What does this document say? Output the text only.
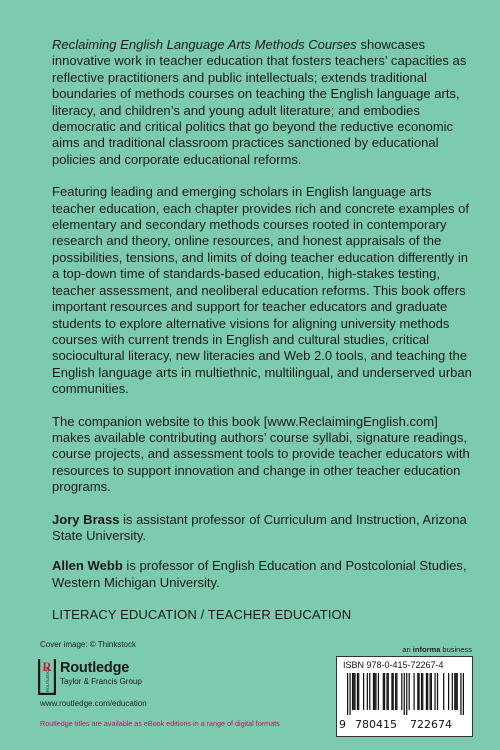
Reclaiming English Language Arts Methods Courses showcases innovative work in teacher education that fosters teachers’ capacities as reflective practitioners and public intellectuals; extends traditional boundaries of methods courses on teaching the English language arts, literacy, and children’s and young adult literature; and embodies democratic and critical politics that go beyond the reductive economic aims and traditional classroom practices sanctioned by educational policies and corporate educational reforms.

Featuring leading and emerging scholars in English language arts teacher education, each chapter provides rich and concrete examples of elementary and secondary methods courses rooted in contemporary research and theory, online resources, and honest appraisals of the possibilities, tensions, and limits of doing teacher education differently in a top-down time of standards-based education, high-stakes testing, teacher assessment, and neoliberal education reforms. This book offers important resources and support for teacher educators and graduate students to explore alternative visions for aligning university methods courses with current trends in English and cultural studies, critical sociocultural literacy, new literacies and Web 2.0 tools, and teaching the English language arts in multiethnic, multilingual, and underserved urban communities.

The companion website to this book [www.ReclaimingEnglish.com] makes available contributing authors’ course syllabi, signature readings, course projects, and assessment tools to provide teacher educators with resources to support innovation and change in other teacher education programs.

Jory Brass is assistant professor of Curriculum and Instruction, Arizona State University.

Allen Webb is professor of English Education and Postcolonial Studies, Western Michigan University.

LITERACY EDUCATION / TEACHER EDUCATION
Cover image: © Thinkstock
R
ROUTLEDGE Routledge
Taylor & Francis Group
www.routledge.com/education
Routledge titles are available as eBook editions in a range of digital formats
an informa business
ISBN 978-0-415-72267-4
9 780415 722674
